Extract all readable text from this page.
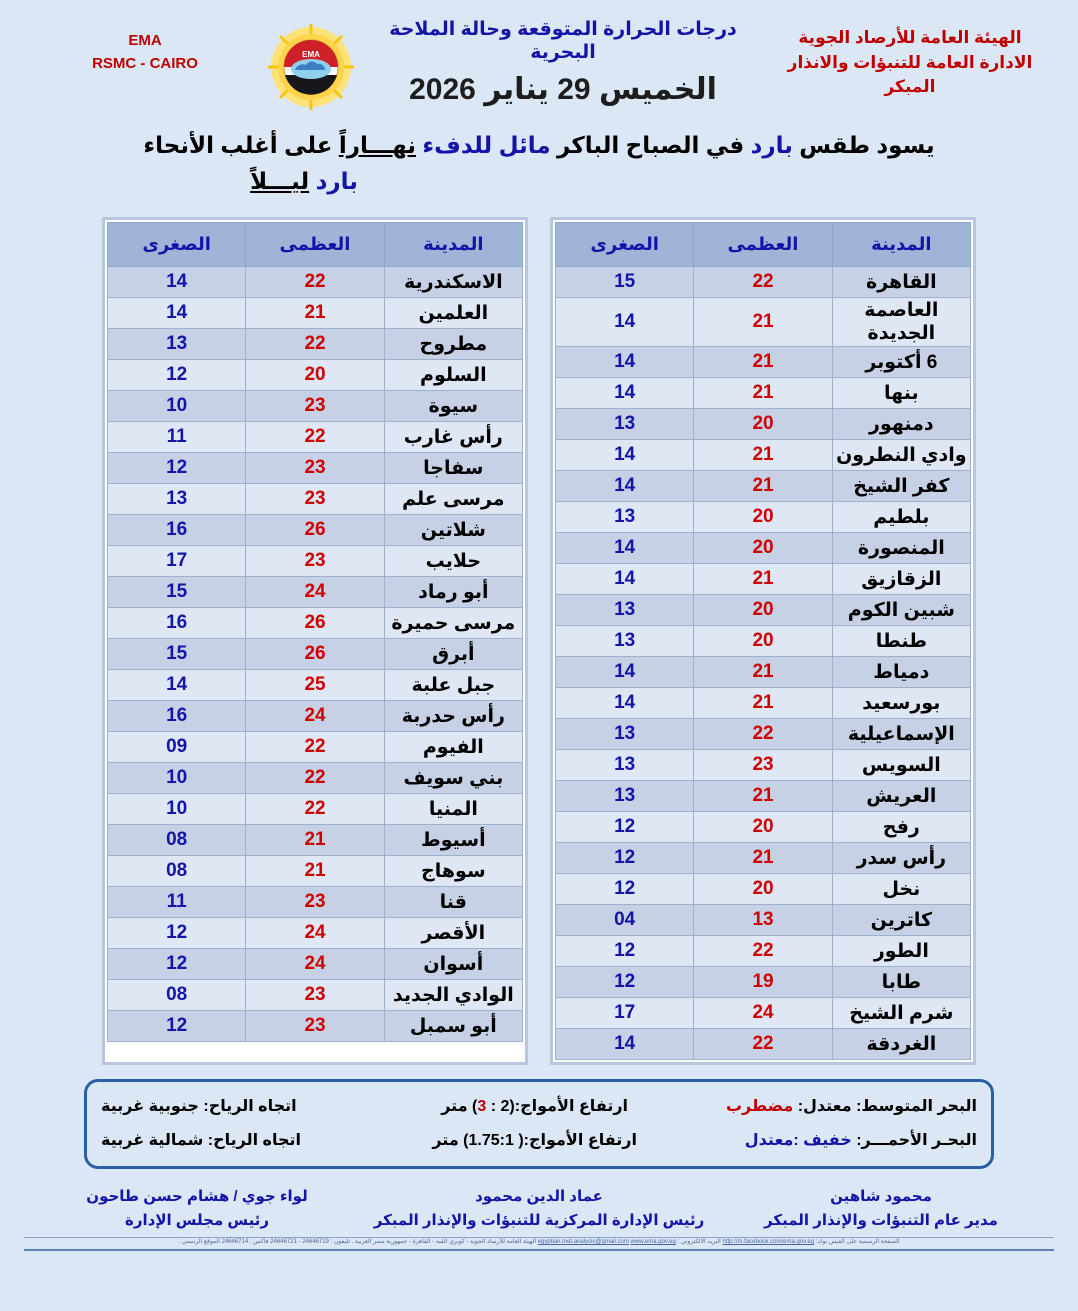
الهيئة العامة للأرصاد الجوية
الادارة العامة للتنبؤات والانذار المبكر
درجات الحرارة المتوقعة وحالة الملاحة البحرية
الخميس 29 يناير 2026
EMA
EMA
RSMC - CAIRO
يسود طقس بارد في الصباح الباكر مائل للدفء نهـــاراً على أغلب الأنحاء
بارد ليـــلاً
المدينة	العظمى	الصغرى
القاهرة	22	15
العاصمة الجديدة	21	14
6 أكتوبر	21	14
بنها	21	14
دمنهور	20	13
وادي النطرون	21	14
كفر الشيخ	21	14
بلطيم	20	13
المنصورة	20	14
الزقازيق	21	14
شبين الكوم	20	13
طنطا	20	13
دمياط	21	14
بورسعيد	21	14
الإسماعيلية	22	13
السويس	23	13
العريش	21	13
رفح	20	12
رأس سدر	21	12
نخل	20	12
كاترين	13	04
الطور	22	12
طابا	19	12
شرم الشيخ	24	17
الغردقة	22	14
المدينة	العظمى	الصغرى
الاسكندرية	22	14
العلمين	21	14
مطروح	22	13
السلوم	20	12
سيوة	23	10
رأس غارب	22	11
سفاجا	23	12
مرسى علم	23	13
شلاتين	26	16
حلايب	23	17
أبو رماد	24	15
مرسى حميرة	26	16
أبرق	26	15
جبل علبة	25	14
رأس حدربة	24	16
الفيوم	22	09
بني سويف	22	10
المنيا	22	10
أسيوط	21	08
سوهاج	21	08
قنا	23	11
الأقصر	24	12
أسوان	24	12
الوادي الجديد	23	08
أبو سمبل	23	12
البحر المتوسط: معتدل: مضطرب
ارتفاع الأمواج:(2 : 3) متر
اتجاه الرياح: جنوبية غربية
البحـر الأحمـــر: خفيف :معتدل
ارتفاع الأمواج:( 1.75:1) متر
اتجاه الرياح: شمالية غربية
محمود شاهين
مدير عام التنبؤات والإنذار المبكر
عماد الدين محمود
رئيس الإدارة المركزية للتنبؤات والإنذار المبكر
لواء جوي / هشام حسن طاحون
رئيس مجلس الإدارة
الصفحة الرسمية على الفيس بوك: http://m.facebook.com/ema.gov.eg البريد الالكتروني : egyptian.met.analysis@gmail.com www.ema.gov.eg الهيئة العامة للأرصاد الجوية - كوبري القبة - القاهرة - جمهورية مصر العربية . تليفون : 24646719 - 24646721 فاكس : 24646714 الموقع الرسمي :
